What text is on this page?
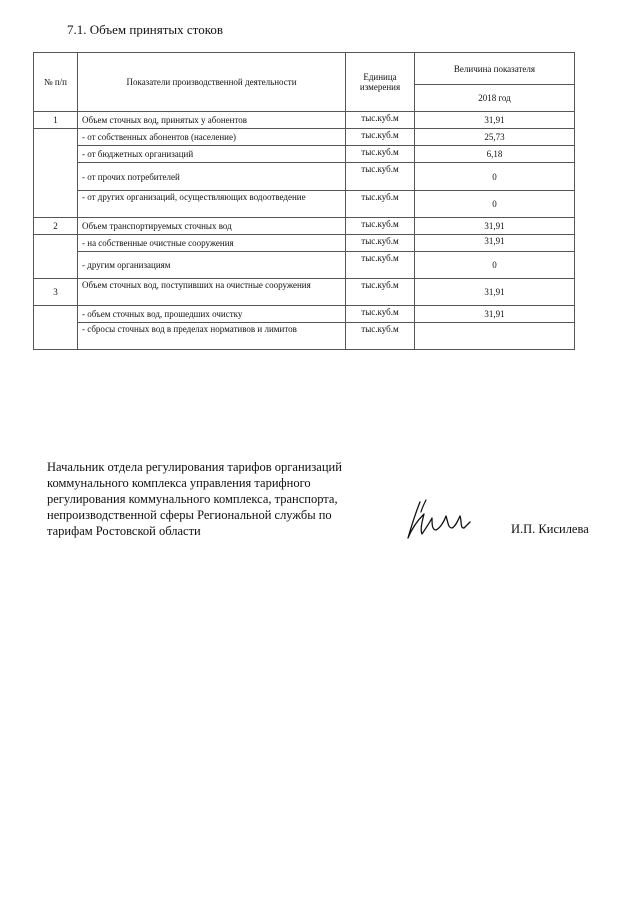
7.1. Объем принятых стоков
№ п/п	Показатели производственной деятельности	Единица измерения	Величина показателя
			2018 год
1	Объем сточных вод, принятых у абонентов	тыс.куб.м	31,91
	- от собственных абонентов (население)	тыс.куб.м	25,73
	- от бюджетных организаций	тыс.куб.м	6,18
	- от прочих потребителей	тыс.куб.м	0
	- от других организаций, осуществляющих водоотведение	тыс.куб.м	0
2	Объем транспортируемых сточных вод	тыс.куб.м	31,91
	- на собственные очистные сооружения	тыс.куб.м	31,91
	- другим организациям	тыс.куб.м	0
3	Объем сточных вод, поступивших на очистные сооружения	тыс.куб.м	31,91
	- объем сточных вод, прошедших очистку	тыс.куб.м	31,91
	- сбросы сточных вод в пределах нормативов и лимитов	тыс.куб.м	
Начальник отдела регулирования тарифов организаций
коммунального комплекса управления тарифного
регулирования коммунального комплекса, транспорта,
непроизводственной сферы Региональной службы по
тарифам Ростовской области	И.П. Кисилева
